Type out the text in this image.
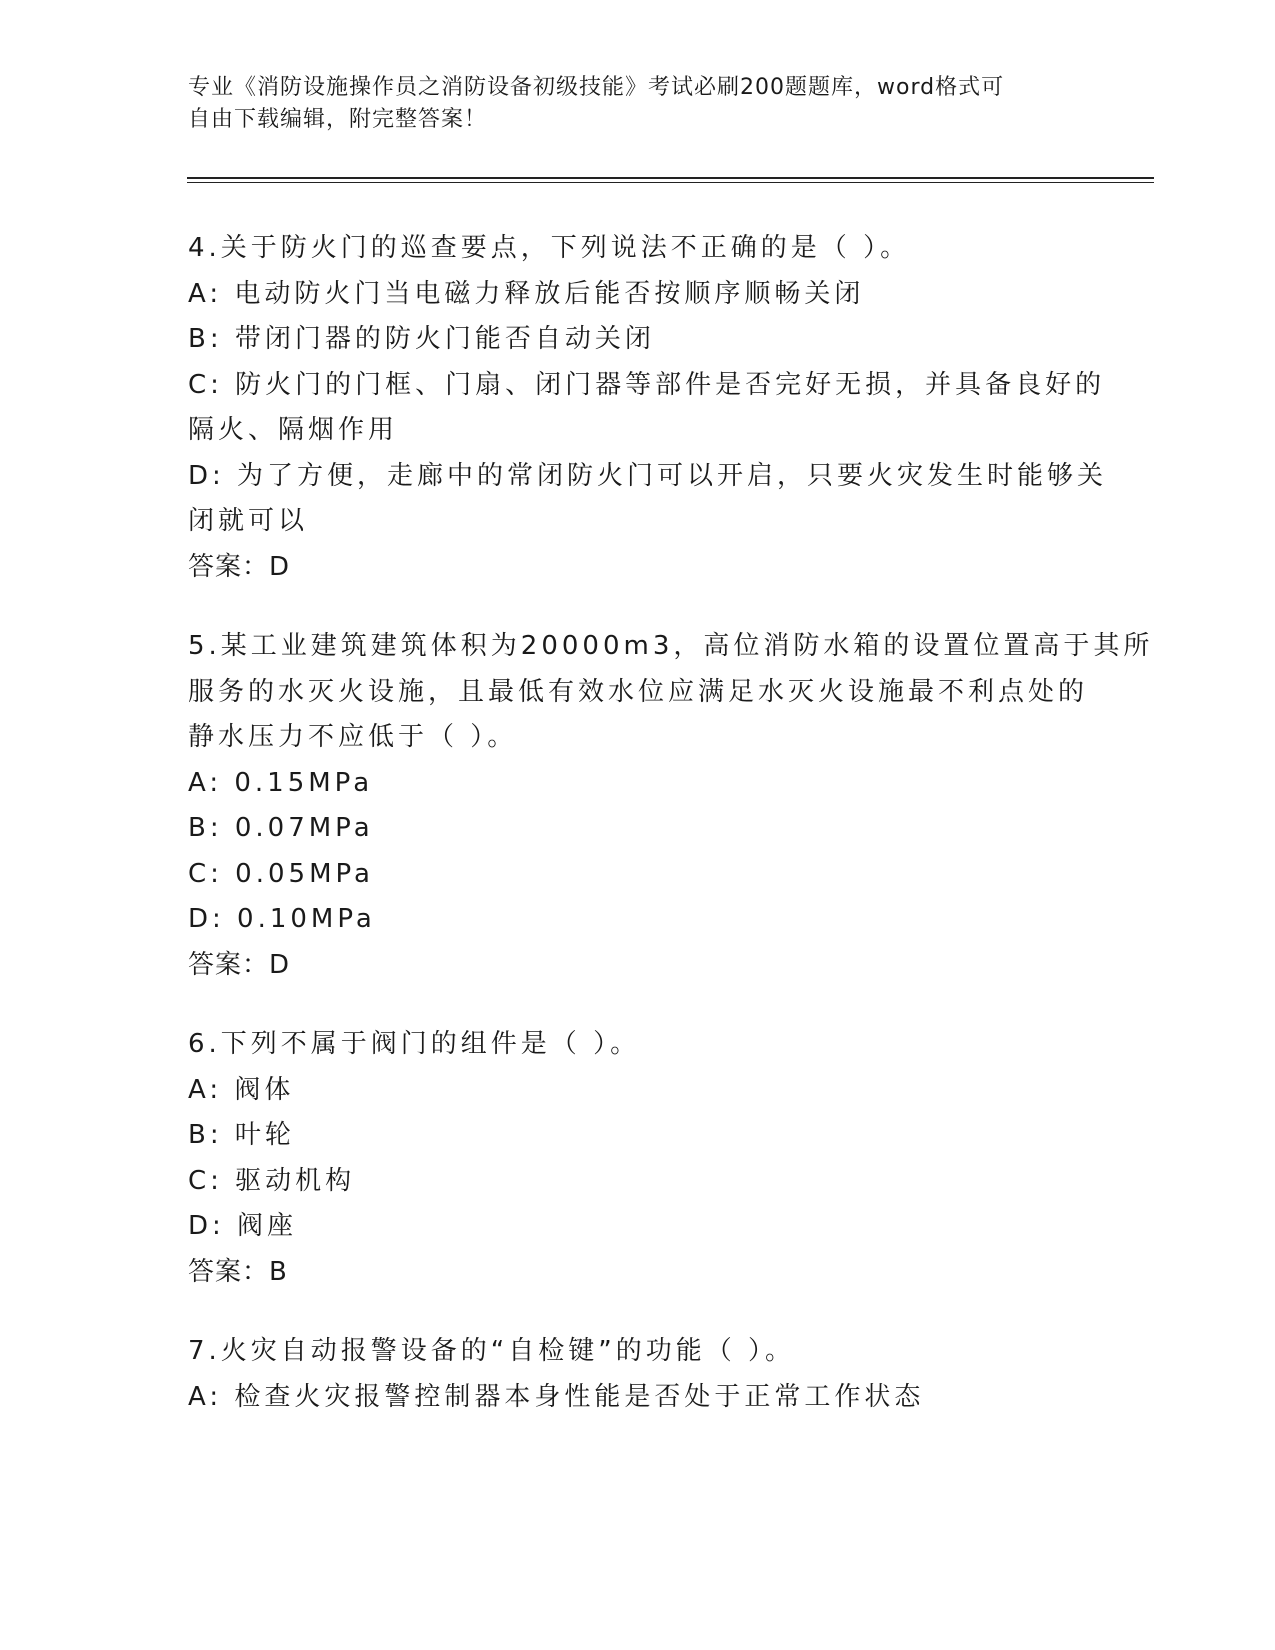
专业《消防设施操作员之消防设备初级技能》考试必刷200题题库，word格式可
自由下载编辑，附完整答案！
4.关于防火门的巡查要点，下列说法不正确的是（ ）。
A: 电动防火门当电磁力释放后能否按顺序顺畅关闭
B: 带闭门器的防火门能否自动关闭
C: 防火门的门框、门扇、闭门器等部件是否完好无损，并具备良好的
隔火、隔烟作用
D: 为了方便，走廊中的常闭防火门可以开启，只要火灾发生时能够关
闭就可以
答案：D
5.某工业建筑建筑体积为20000m3，高位消防水箱的设置位置高于其所
服务的水灭火设施，且最低有效水位应满足水灭火设施最不利点处的
静水压力不应低于（ ）。
A: 0.15MPa
B: 0.07MPa
C: 0.05MPa
D: 0.10MPa
答案：D
6.下列不属于阀门的组件是（ ）。
A: 阀体
B: 叶轮
C: 驱动机构
D: 阀座
答案：B
7.火灾自动报警设备的“自检键”的功能（ ）。
A: 检查火灾报警控制器本身性能是否处于正常工作状态
